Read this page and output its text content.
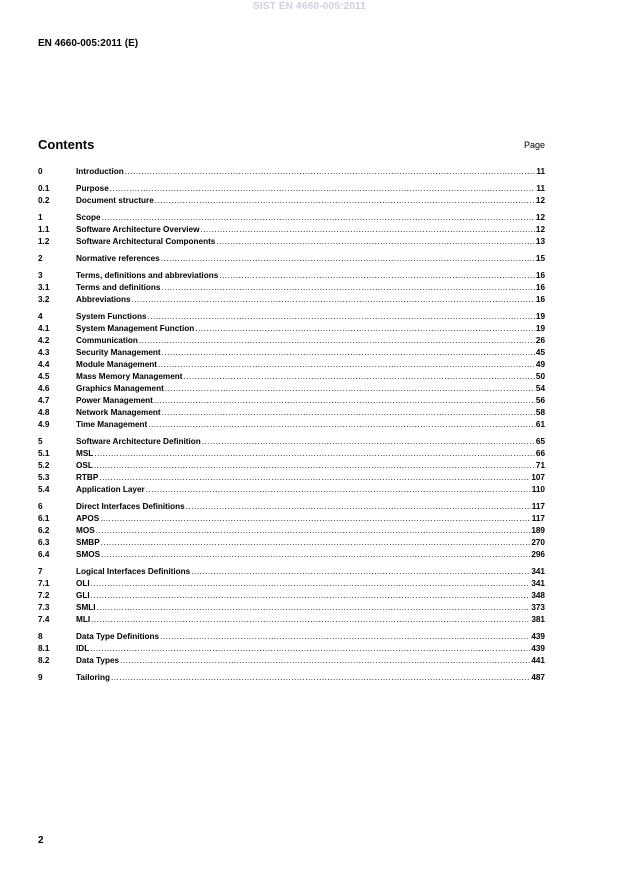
SIST EN 4660-005:2011
EN 4660-005:2011 (E)
Contents	Page
0	Introduction .....	11
0.1	Purpose .....	11
0.2	Document structure .....	12
1	Scope .....	12
1.1	Software Architecture Overview .....	12
1.2	Software Architectural Components .....	13
2	Normative references .....	15
3	Terms, definitions and abbreviations .....	16
3.1	Terms and definitions .....	16
3.2	Abbreviations .....	16
4	System Functions .....	19
4.1	System Management Function .....	19
4.2	Communication .....	26
4.3	Security Management .....	45
4.4	Module Management .....	49
4.5	Mass Memory Management .....	50
4.6	Graphics Management .....	54
4.7	Power Management .....	56
4.8	Network Management .....	58
4.9	Time Management .....	61
5	Software Architecture Definition .....	65
5.1	MSL .....	66
5.2	OSL .....	71
5.3	RTBP .....	107
5.4	Application Layer .....	110
6	Direct Interfaces Definitions .....	117
6.1	APOS .....	117
6.2	MOS .....	189
6.3	SMBP .....	270
6.4	SMOS .....	296
7	Logical Interfaces Definitions .....	341
7.1	OLI .....	341
7.2	GLI .....	348
7.3	SMLI .....	373
7.4	MLI .....	381
8	Data Type Definitions .....	439
8.1	IDL .....	439
8.2	Data Types .....	441
9	Tailoring .....	487
2
